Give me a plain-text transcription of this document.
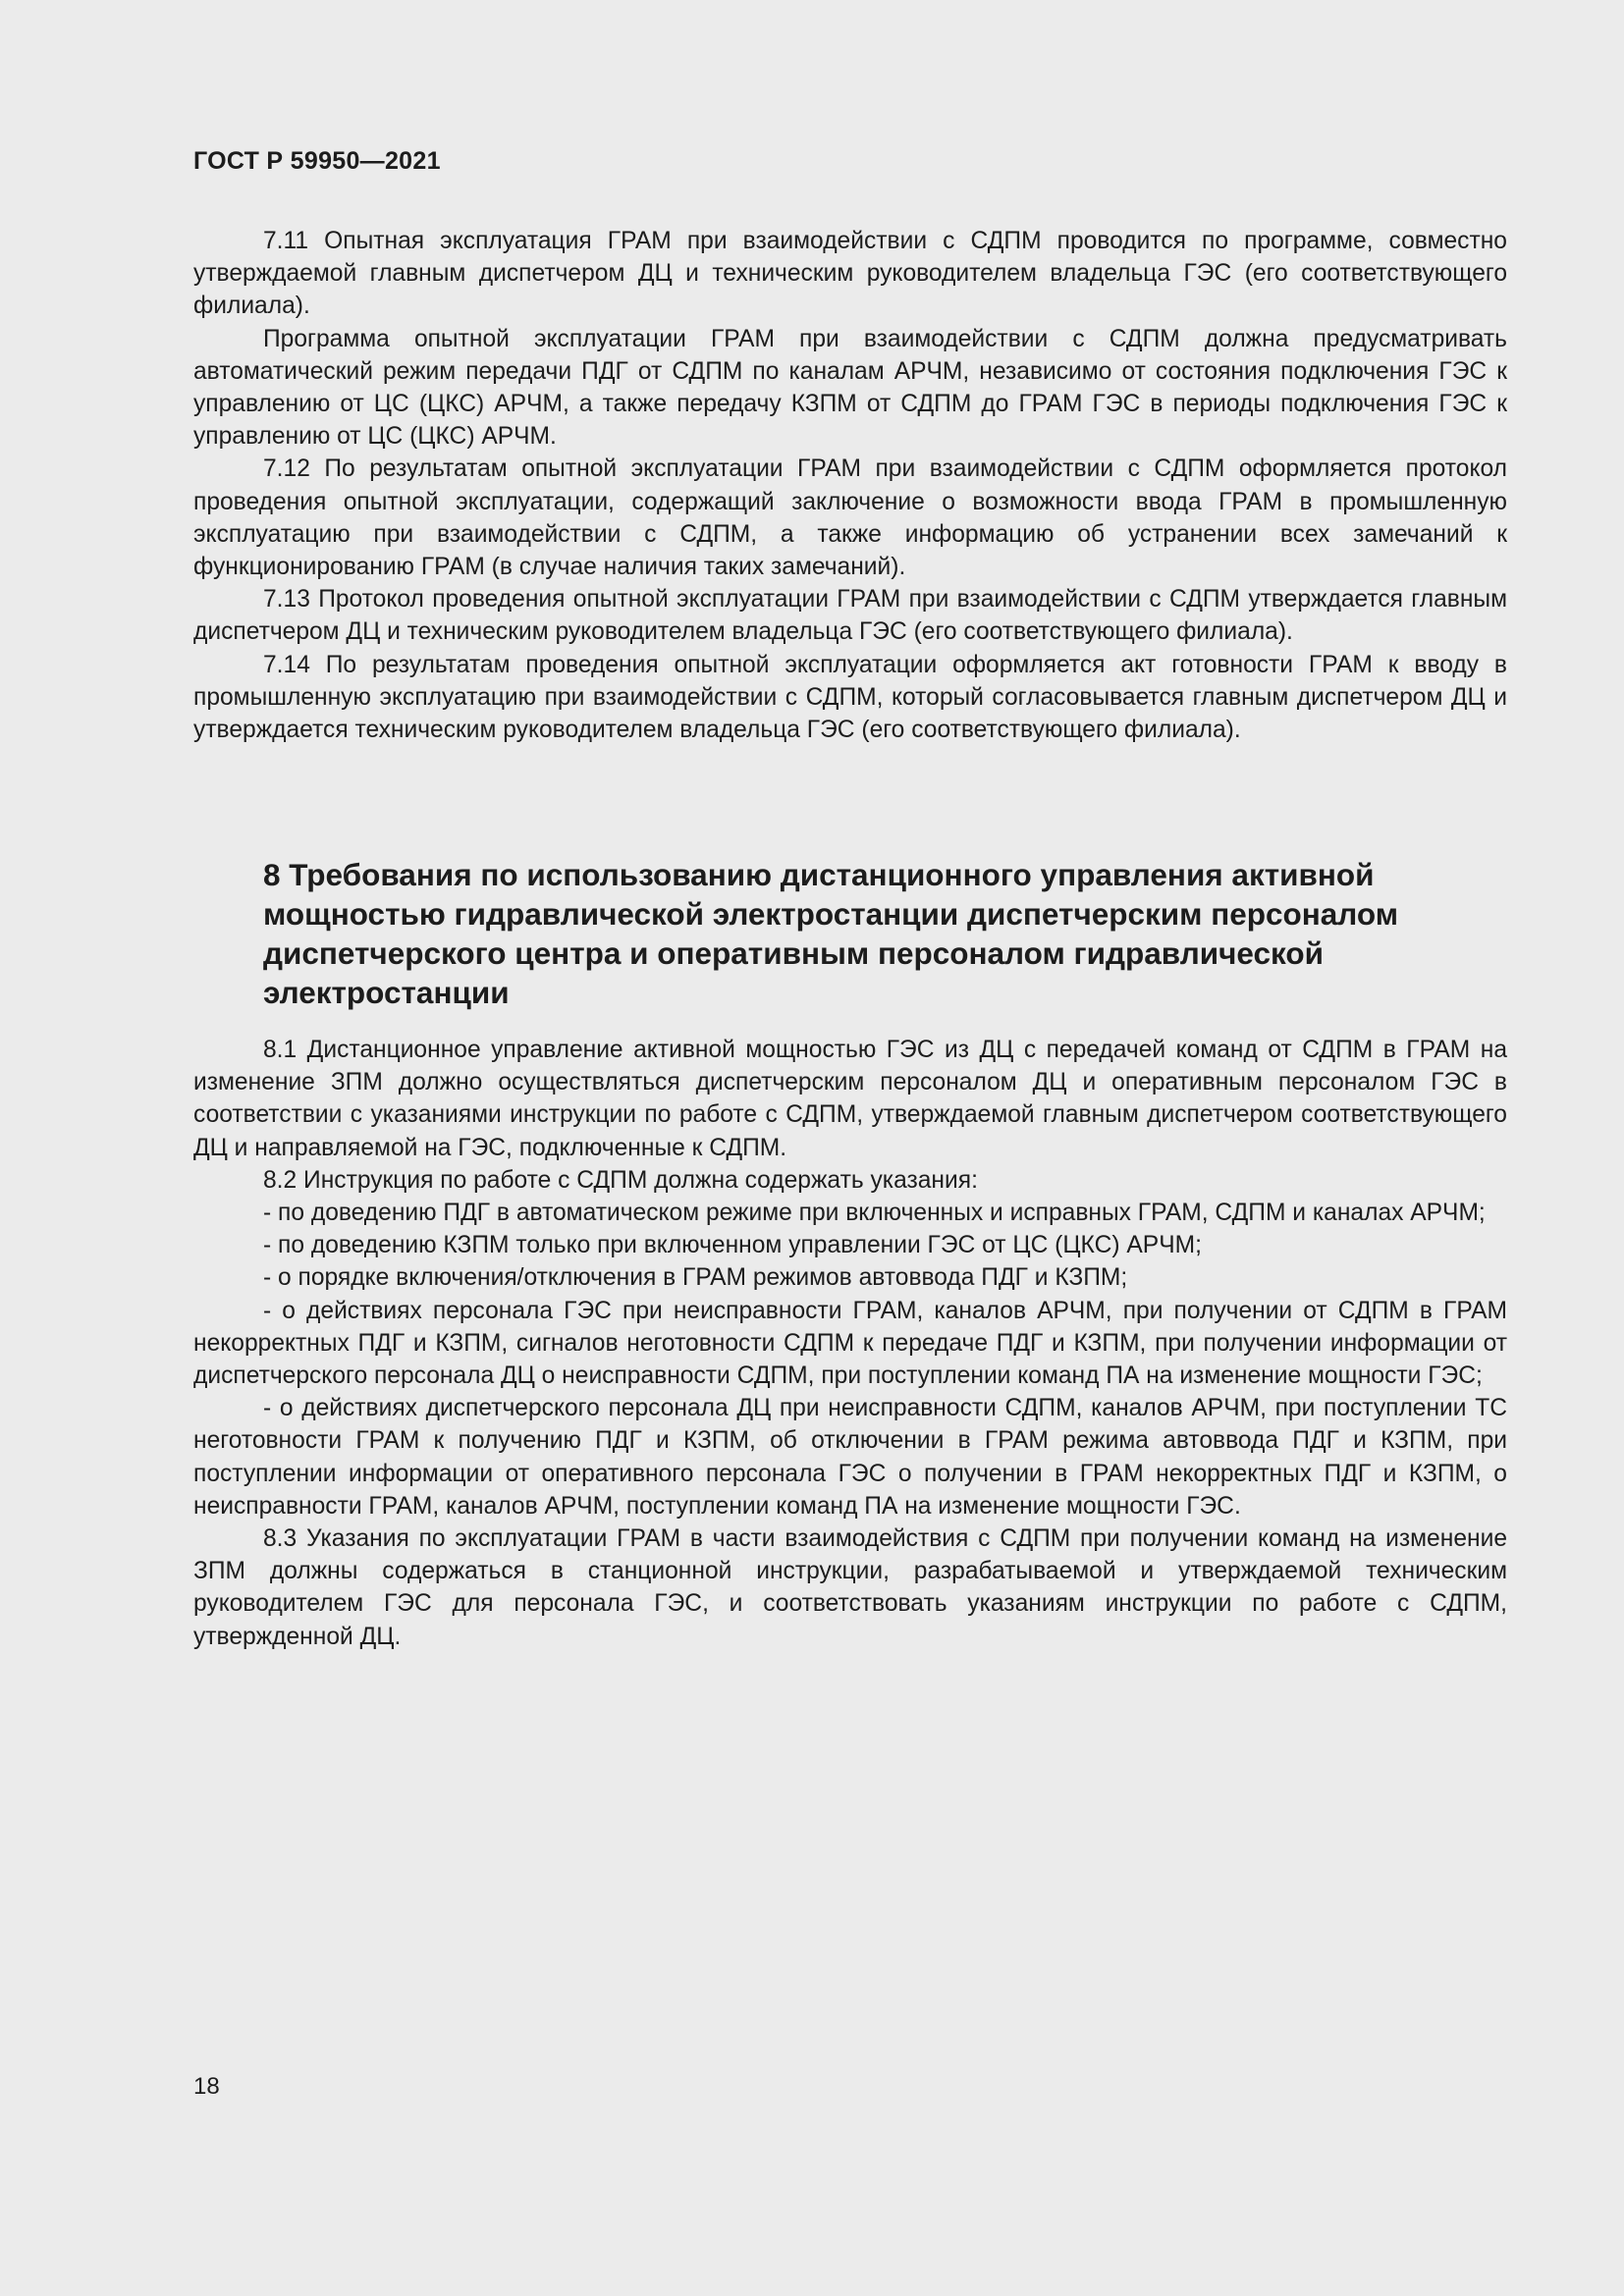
ГОСТ Р 59950—2021

7.11 Опытная эксплуатация ГРАМ при взаимодействии с СДПМ проводится по программе, совместно утверждаемой главным диспетчером ДЦ и техническим руководителем владельца ГЭС (его соответствующего филиала).

Программа опытной эксплуатации ГРАМ при взаимодействии с СДПМ должна предусматривать автоматический режим передачи ПДГ от СДПМ по каналам АРЧМ, независимо от состояния подключения ГЭС к управлению от ЦС (ЦКС) АРЧМ, а также передачу КЗПМ от СДПМ до ГРАМ ГЭС в периоды подключения ГЭС к управлению от ЦС (ЦКС) АРЧМ.

7.12 По результатам опытной эксплуатации ГРАМ при взаимодействии с СДПМ оформляется протокол проведения опытной эксплуатации, содержащий заключение о возможности ввода ГРАМ в промышленную эксплуатацию при взаимодействии с СДПМ, а также информацию об устранении всех замечаний к функционированию ГРАМ (в случае наличия таких замечаний).

7.13 Протокол проведения опытной эксплуатации ГРАМ при взаимодействии с СДПМ утверждается главным диспетчером ДЦ и техническим руководителем владельца ГЭС (его соответствующего филиала).

7.14 По результатам проведения опытной эксплуатации оформляется акт готовности ГРАМ к вводу в промышленную эксплуатацию при взаимодействии с СДПМ, который согласовывается главным диспетчером ДЦ и утверждается техническим руководителем владельца ГЭС (его соответствующего филиала).

8 Требования по использованию дистанционного управления активной мощностью гидравлической электростанции диспетчерским персоналом диспетчерского центра и оперативным персоналом гидравлической электростанции

8.1 Дистанционное управление активной мощностью ГЭС из ДЦ с передачей команд от СДПМ в ГРАМ на изменение ЗПМ должно осуществляться диспетчерским персоналом ДЦ и оперативным персоналом ГЭС в соответствии с указаниями инструкции по работе с СДПМ, утверждаемой главным диспетчером соответствующего ДЦ и направляемой на ГЭС, подключенные к СДПМ.

8.2 Инструкция по работе с СДПМ должна содержать указания:

- по доведению ПДГ в автоматическом режиме при включенных и исправных ГРАМ, СДПМ и каналах АРЧМ;

- по доведению КЗПМ только при включенном управлении ГЭС от ЦС (ЦКС) АРЧМ;

- о порядке включения/отключения в ГРАМ режимов автоввода ПДГ и КЗПМ;

- о действиях персонала ГЭС при неисправности ГРАМ, каналов АРЧМ, при получении от СДПМ в ГРАМ некорректных ПДГ и КЗПМ, сигналов неготовности СДПМ к передаче ПДГ и КЗПМ, при получении информации от диспетчерского персонала ДЦ о неисправности СДПМ, при поступлении команд ПА на изменение мощности ГЭС;

- о действиях диспетчерского персонала ДЦ при неисправности СДПМ, каналов АРЧМ, при поступлении ТС неготовности ГРАМ к получению ПДГ и КЗПМ, об отключении в ГРАМ режима автоввода ПДГ и КЗПМ, при поступлении информации от оперативного персонала ГЭС о получении в ГРАМ некорректных ПДГ и КЗПМ, о неисправности ГРАМ, каналов АРЧМ, поступлении команд ПА на изменение мощности ГЭС.

8.3 Указания по эксплуатации ГРАМ в части взаимодействия с СДПМ при получении команд на изменение ЗПМ должны содержаться в станционной инструкции, разрабатываемой и утверждаемой техническим руководителем ГЭС для персонала ГЭС, и соответствовать указаниям инструкции по работе с СДПМ, утвержденной ДЦ.

18
